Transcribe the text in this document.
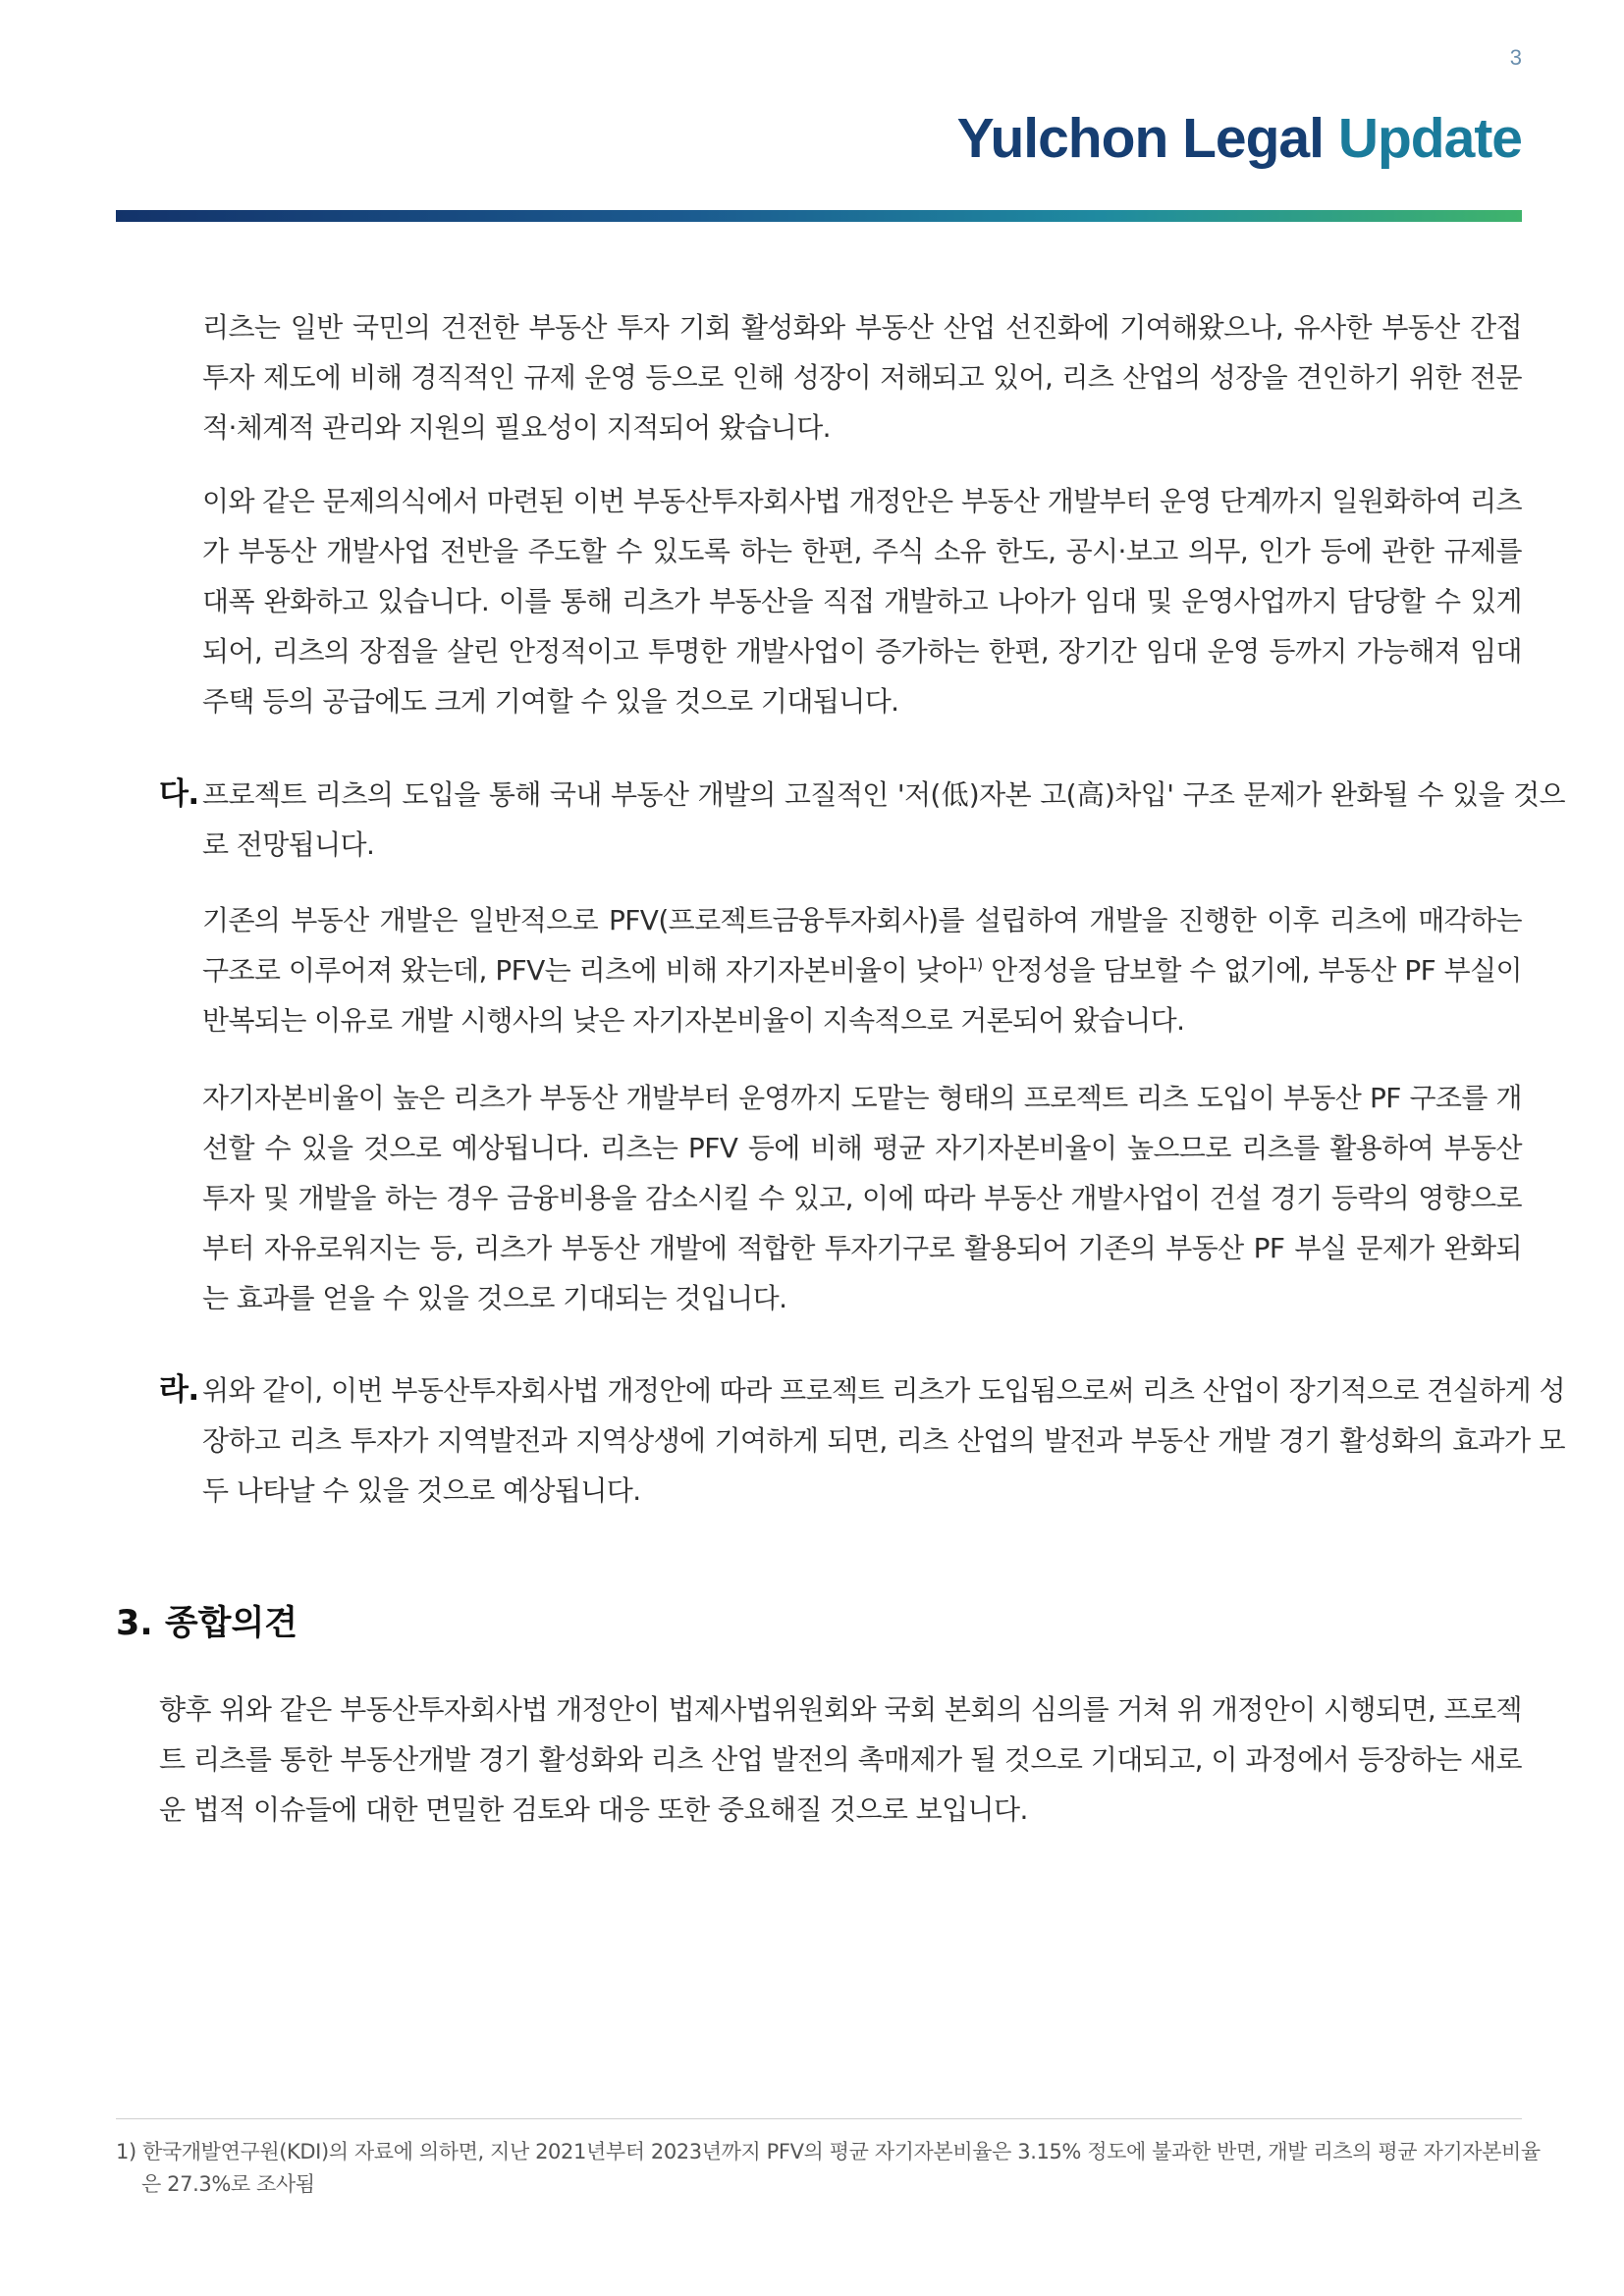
3
Yulchon Legal Update

리츠는 일반 국민의 건전한 부동산 투자 기회 활성화와 부동산 산업 선진화에 기여해왔으나, 유사한 부동산 간접 투자 제도에 비해 경직적인 규제 운영 등으로 인해 성장이 저해되고 있어, 리츠 산업의 성장을 견인하기 위한 전문적·체계적 관리와 지원의 필요성이 지적되어 왔습니다.

이와 같은 문제의식에서 마련된 이번 부동산투자회사법 개정안은 부동산 개발부터 운영 단계까지 일원화하여 리츠가 부동산 개발사업 전반을 주도할 수 있도록 하는 한편, 주식 소유 한도, 공시·보고 의무, 인가 등에 관한 규제를 대폭 완화하고 있습니다. 이를 통해 리츠가 부동산을 직접 개발하고 나아가 임대 및 운영사업까지 담당할 수 있게 되어, 리츠의 장점을 살린 안정적이고 투명한 개발사업이 증가하는 한편, 장기간 임대 운영 등까지 가능해져 임대주택 등의 공급에도 크게 기여할 수 있을 것으로 기대됩니다.

다. 프로젝트 리츠의 도입을 통해 국내 부동산 개발의 고질적인 '저(低)자본 고(高)차입' 구조 문제가 완화될 수 있을 것으로 전망됩니다.

기존의 부동산 개발은 일반적으로 PFV(프로젝트금융투자회사)를 설립하여 개발을 진행한 이후 리츠에 매각하는 구조로 이루어져 왔는데, PFV는 리츠에 비해 자기자본비율이 낮아$^{1)}$ 안정성을 담보할 수 없기에, 부동산 PF 부실이 반복되는 이유로 개발 시행사의 낮은 자기자본비율이 지속적으로 거론되어 왔습니다.

자기자본비율이 높은 리츠가 부동산 개발부터 운영까지 도맡는 형태의 프로젝트 리츠 도입이 부동산 PF 구조를 개선할 수 있을 것으로 예상됩니다. 리츠는 PFV 등에 비해 평균 자기자본비율이 높으므로 리츠를 활용하여 부동산 투자 및 개발을 하는 경우 금융비용을 감소시킬 수 있고, 이에 따라 부동산 개발사업이 건설 경기 등락의 영향으로부터 자유로워지는 등, 리츠가 부동산 개발에 적합한 투자기구로 활용되어 기존의 부동산 PF 부실 문제가 완화되는 효과를 얻을 수 있을 것으로 기대되는 것입니다.

라. 위와 같이, 이번 부동산투자회사법 개정안에 따라 프로젝트 리츠가 도입됨으로써 리츠 산업이 장기적으로 견실하게 성장하고 리츠 투자가 지역발전과 지역상생에 기여하게 되면, 리츠 산업의 발전과 부동산 개발 경기 활성화의 효과가 모두 나타날 수 있을 것으로 예상됩니다.

3. 종합의견

향후 위와 같은 부동산투자회사법 개정안이 법제사법위원회와 국회 본회의 심의를 거쳐 위 개정안이 시행되면, 프로젝트 리츠를 통한 부동산개발 경기 활성화와 리츠 산업 발전의 촉매제가 될 것으로 기대되고, 이 과정에서 등장하는 새로운 법적 이슈들에 대한 면밀한 검토와 대응 또한 중요해질 것으로 보입니다.

1) 한국개발연구원(KDI)의 자료에 의하면, 지난 2021년부터 2023년까지 PFV의 평균 자기자본비율은 3.15% 정도에 불과한 반면, 개발 리츠의 평균 자기자본비율은 27.3%로 조사됨
